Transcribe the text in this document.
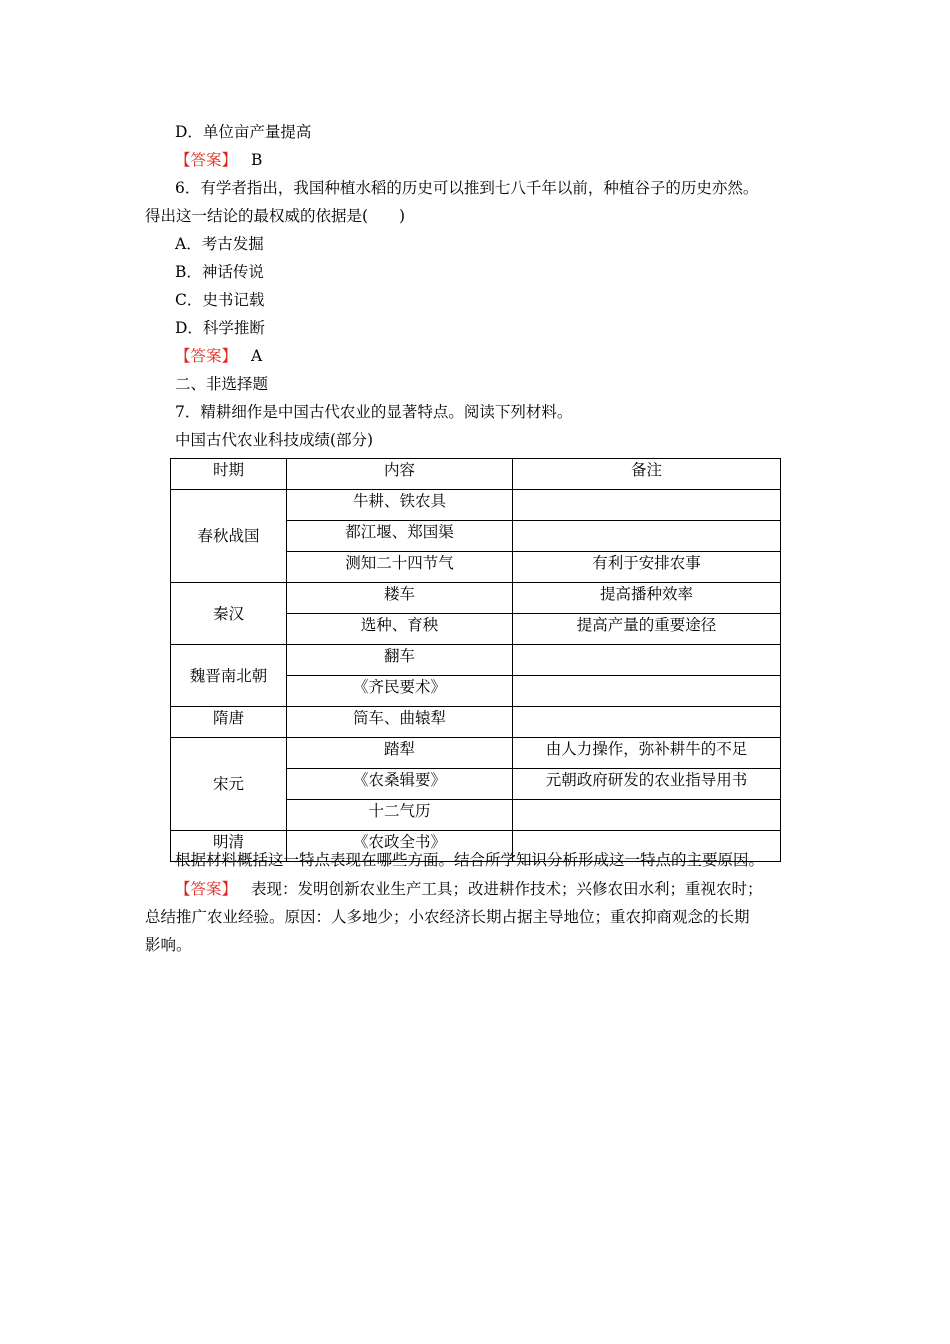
D．单位亩产量提高
【答案】 B
6．有学者指出，我国种植水稻的历史可以推到七八千年以前，种植谷子的历史亦然。
得出这一结论的最权威的依据是(　　)
A．考古发掘
B．神话传说
C．史书记载
D．科学推断
【答案】 A
二、非选择题
7．精耕细作是中国古代农业的显著特点。阅读下列材料。
中国古代农业科技成绩(部分)
时期	内容	备注
春秋战国	牛耕、铁农具	
	都江堰、郑国渠	
	测知二十四节气	有利于安排农事
秦汉	耧车	提高播种效率
	选种、育秧	提高产量的重要途径
魏晋南北朝	翻车	
	《齐民要术》	
隋唐	筒车、曲辕犁	
宋元	踏犁	由人力操作，弥补耕牛的不足
	《农桑辑要》	元朝政府研发的农业指导用书
	十二气历	
明清	《农政全书》	
根据材料概括这一特点表现在哪些方面。结合所学知识分析形成这一特点的主要原因。
【答案】 表现：发明创新农业生产工具；改进耕作技术；兴修农田水利；重视农时；
总结推广农业经验。原因：人多地少；小农经济长期占据主导地位；重农抑商观念的长期
影响。
